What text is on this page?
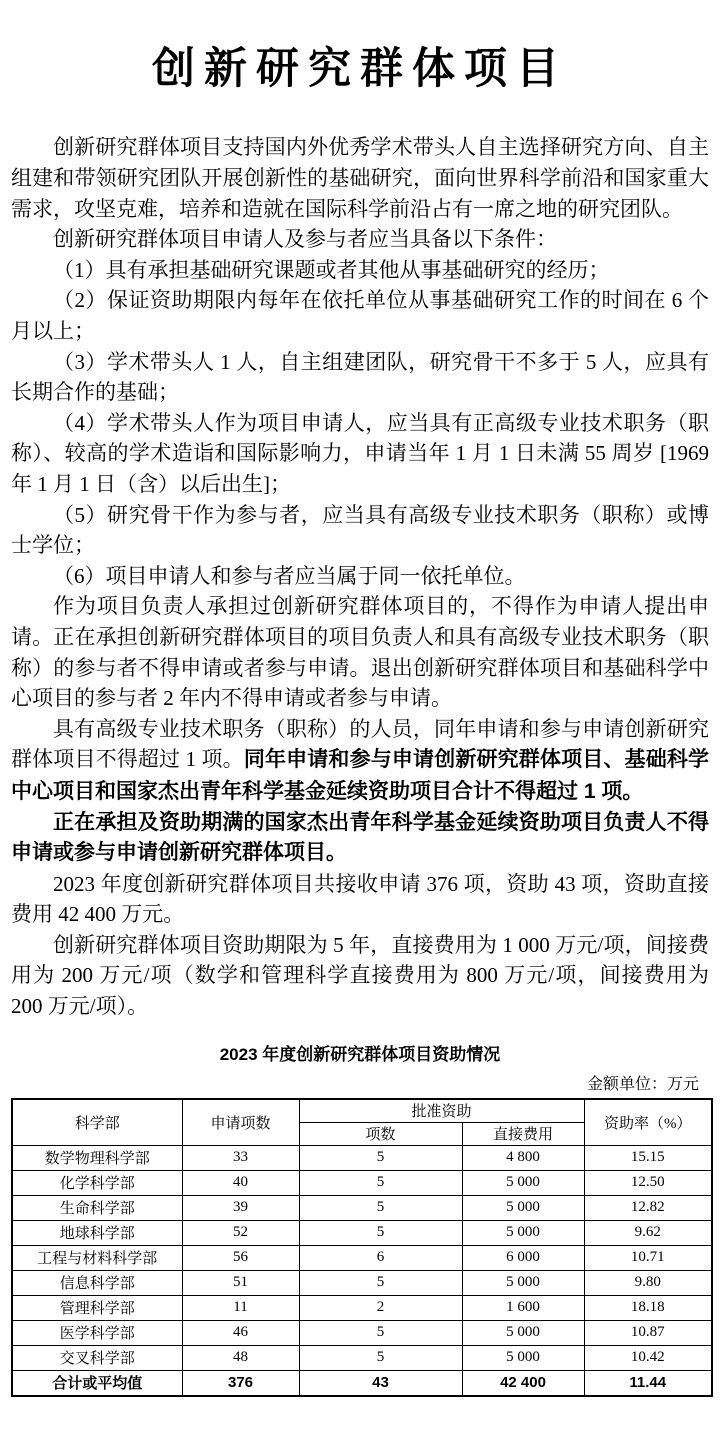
创新研究群体项目

创新研究群体项目支持国内外优秀学术带头人自主选择研究方向、自主组建和带领研究团队开展创新性的基础研究，面向世界科学前沿和国家重大需求，攻坚克难，培养和造就在国际科学前沿占有一席之地的研究团队。

创新研究群体项目申请人及参与者应当具备以下条件：

（1）具有承担基础研究课题或者其他从事基础研究的经历；

（2）保证资助期限内每年在依托单位从事基础研究工作的时间在 6 个月以上；

（3）学术带头人 1 人，自主组建团队，研究骨干不多于 5 人，应具有长期合作的基础；

（4）学术带头人作为项目申请人，应当具有正高级专业技术职务（职称）、较高的学术造诣和国际影响力，申请当年 1 月 1 日未满 55 周岁 [1969 年 1 月 1 日（含）以后出生]；

（5）研究骨干作为参与者，应当具有高级专业技术职务（职称）或博士学位；

（6）项目申请人和参与者应当属于同一依托单位。

作为项目负责人承担过创新研究群体项目的，不得作为申请人提出申请。正在承担创新研究群体项目的项目负责人和具有高级专业技术职务（职称）的参与者不得申请或者参与申请。退出创新研究群体项目和基础科学中心项目的参与者 2 年内不得申请或者参与申请。

具有高级专业技术职务（职称）的人员，同年申请和参与申请创新研究群体项目不得超过 1 项。同年申请和参与申请创新研究群体项目、基础科学中心项目和国家杰出青年科学基金延续资助项目合计不得超过 1 项。

正在承担及资助期满的国家杰出青年科学基金延续资助项目负责人不得申请或参与申请创新研究群体项目。

2023 年度创新研究群体项目共接收申请 376 项，资助 43 项，资助直接费用 42 400 万元。

创新研究群体项目资助期限为 5 年，直接费用为 1 000 万元/项，间接费用为 200 万元/项（数学和管理科学直接费用为 800 万元/项，间接费用为 200 万元/项）。

2023 年度创新研究群体项目资助情况
金额单位：万元
科学部	申请项数	批准资助		资助率（%）
		项数	直接费用	
数学物理科学部	33	5	4 800	15.15
化学科学部	40	5	5 000	12.50
生命科学部	39	5	5 000	12.82
地球科学部	52	5	5 000	9.62
工程与材料科学部	56	6	6 000	10.71
信息科学部	51	5	5 000	9.80
管理科学部	11	2	1 600	18.18
医学科学部	46	5	5 000	10.87
交叉科学部	48	5	5 000	10.42
合计或平均值	376	43	42 400	11.44
